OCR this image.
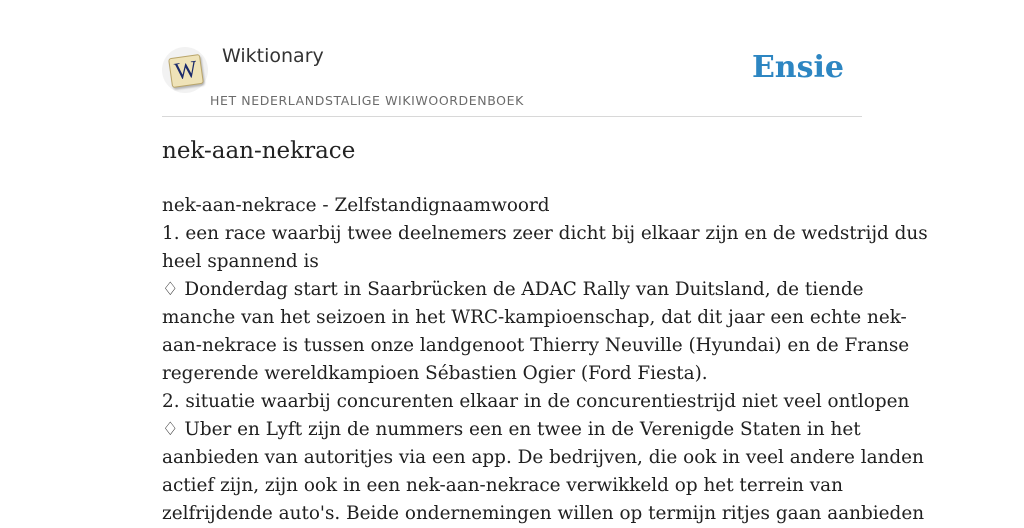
W
Wiktionary
HET NEDERLANDSTALIGE WIKIWOORDENBOEK
Ensie
nek-aan-nekrace
nek-aan-nekrace - Zelfstandignaamwoord
1. een race waarbij twee deelnemers zeer dicht bij elkaar zijn en de wedstrijd dus
heel spannend is
♢ Donderdag start in Saarbrücken de ADAC Rally van Duitsland, de tiende
manche van het seizoen in het WRC-kampioenschap, dat dit jaar een echte nek-
aan-nekrace is tussen onze landgenoot Thierry Neuville (Hyundai) en de Franse
regerende wereldkampioen Sébastien Ogier (Ford Fiesta).
2. situatie waarbij concurenten elkaar in de concurentiestrijd niet veel ontlopen
♢ Uber en Lyft zijn de nummers een en twee in de Verenigde Staten in het
aanbieden van autoritjes via een app. De bedrijven, die ook in veel andere landen
actief zijn, zijn ook in een nek-aan-nekrace verwikkeld op het terrein van
zelfrijdende auto's. Beide ondernemingen willen op termijn ritjes gaan aanbieden
